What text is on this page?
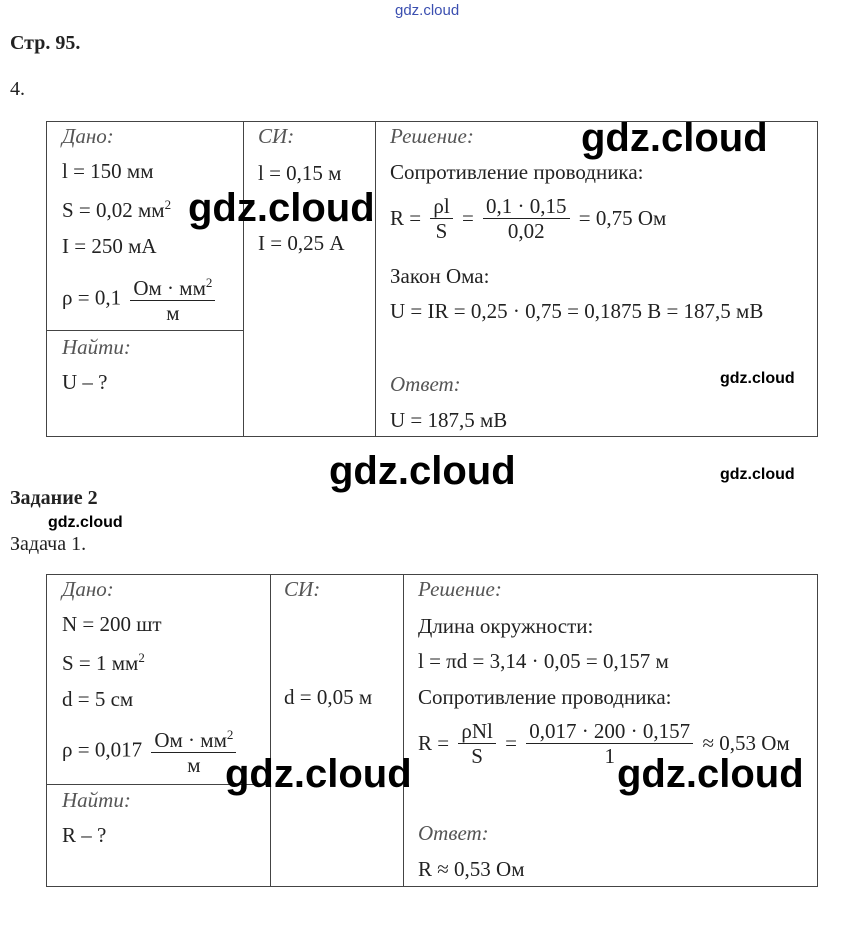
gdz.cloud
Стр. 95.
4.
Дано:
l = 150 мм
S = 0,02 $мм^2$
I = 250 мА
$\rho = 0,1 \frac{Ом \cdot мм^2}{м}$
Найти:
U – ?
СИ:
l = 0,15 м
I = 0,25 А
Решение:
Сопротивление проводника:
$R = \frac{\rho l}{S} = \frac{0,1 \cdot 0,15}{0,02} = 0,75$ Ом
Закон Ома:
U = IR = 0,25 · 0,75 = 0,1875 В = 187,5 мВ
Ответ:
U = 187,5 мВ
Задание 2
Задача 1.
Дано:
N = 200 шт
S = 1 $мм^2$
d = 5 см
$\rho = 0,017 \frac{Ом \cdot мм^2}{м}$
Найти:
R – ?
СИ:
d = 0,05 м
Решение:
Длина окружности:
l = πd = 3,14 · 0,05 = 0,157 м
Сопротивление проводника:
$R = \frac{\text{ρNl}}{S} = \frac{0,017 \cdot 200 \cdot 0,157}{1} \approx 0,53$ Ом
Ответ:
R ≈ 0,53 Ом
gdz.cloud
gdz.cloud
gdz.cloud
gdz.cloud	gdz.cloud
gdz.cloud
gdz.cloud	gdz.cloud
